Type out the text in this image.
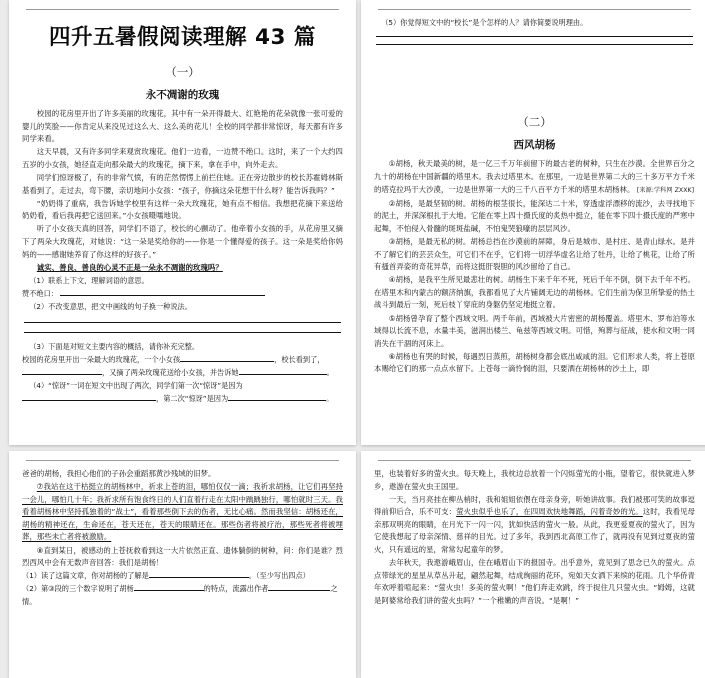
四升五暑假阅读理解 43 篇
（一）
永不凋谢的玫瑰

校园的花房里开出了许多美丽的玫瑰花，其中有一朵开得最大、红艳艳的花朵就像一张可爱的婴儿的笑脸——你肯定从来没见过这么大、这么美的花儿！全校的同学都非常惊讶，每天都有许多同学来看。

这天早晨，又有许多同学来观赏玫瑰花。他们一边看，一边赞不绝口。这时，来了一个大约四五岁的小女孩，她径直走向那朵最大的玫瑰花，摘下来，拿在手中，向外走去。

同学们惊讶极了，有的非常气愤，有的茫然愣愣上前拦住她。正在旁边散步的校长苏霍姆林斯基看到了，走过去，弯下腰，亲切地问小女孩：“孩子，你摘这朵花想干什么呀？能告诉我吗？”

“奶奶得了重病，我告诉她学校里有这样一朵大玫瑰花，她有点不相信。我想把花摘下来送给奶奶看，看后我再把它送回来。”小女孩嗫嚅地说。

听了小女孩天真的回答，同学们不语了，校长的心颤动了。他牵着小女孩的手，从花房里又摘下了两朵大玫瑰花，对她说：“这一朵是奖给你的——你是一个懂得爱的孩子。这一朵是奖给你妈妈的——感谢她养育了你这样的好孩子。”

诚实、善良、善良的心灵不正是一朵永不凋谢的玫瑰吗？

（1）联系上下文，理解词语的意思。

赞不绝口：

（2）不改变意思，把文中画线的句子换一种说法。

（3）下面是对短文主要内容的概括，请你补充完整。

校园的花房里开出一朵最大的玫瑰花，一个小女孩	，校长看到了，

，又摘了两朵玫瑰花送给小女孩，并告诉她	。

（4）“惊讶”一词在短文中出现了两次，同学们第一次“惊讶”是因为

，第二次“惊讶”是因为	。

（5）你觉得短文中的“校长”是个怎样的人？请你简要说明理由。

（二）
西风胡杨

①胡杨，秋天最美的树，是一亿三千万年前留下的最古老的树种，只生在沙漠。全世界百分之九十的胡杨在中国新疆的塔里木。我去过塔里木。在那里，一边是世界第二大的三十多万平方千米的塔克拉玛干大沙漠，一边是世界第一大的三千八百平方千米的塔里木胡杨林。 [来源:学科网 ZXXK]

②胡杨，是最坚韧的树。胡杨的根茎很长，能深达二十米，穿透虚浮漂移的流沙，去寻找地下的泥土，并深深根扎于大地。它能在零上四十摄氏度的炙热中挺立，能在零下四十摄氏度的严寒中起舞，不怕侵入骨髓的斑斑盐碱，不怕鬼哭狼嚎的层层风沙。

③胡杨，是最无私的树。胡杨总挡在沙漠前的屏障，身后是城市、是村庄、是青山绿水。是并不了解它们的芸芸众生，可它们不在乎，它们将一切浮华虚名让给了牡丹，让给了桃花，让给了所有搔首弄姿的奇花异草，而将这挺肝裂胆的风沙留给了自己。

④胡杨，是我平生所见最悲壮的树。胡杨生下来千年不死，死后千年不倒，倒下去千年不朽。在塔里木和内蒙古的额济纳旗，我都看见了大片铺阔无边的胡杨林。它们生前为保卫所挚爱的热土战斗到最后一刻，死后枝丫穿庇的身躯仍坚定地挺立着。

⑤胡杨曾孕育了整个西域文明。两千年前，西域被大片密密的胡杨覆盖。塔里木、罗布泊等水域得以长流不息，水量丰美，滋润出楼兰、龟兹等西域文明。可惜，殉葬与征战，使水和文明一同消失在干涸的河床上。

⑥胡杨也有哭的时候，每遇烈日蒸煎，胡杨树身都会底出咸咸的泪。它们形求人类，将上苍原本赐给它们的那一点点水留下。上苍每一滴怜悯的泪，只要洒在胡杨林的沙土上，即

爸爸的胡杨，我担心他们的子孙会重蹈那黄沙残域的旧梦。

⑦我站在这干枯挺立的胡杨林中，祈求上苍的泪，哪怕仅仅一滴；我祈求胡杨，让它们再坚持一会儿，哪怕几十年；我祈求所有饱食终日的人们直着行走在太阳中踽踽独行，哪怕就时三天。我看着胡杨林中坚持孤独着的“战士”，看着那些倒下去的伤者，无比心痛。然而我坚信：胡杨还在，胡杨的精神还在，生命还在，苍天还在，苍天的眼睛还在。那些伤者将被疗治，那些死者将被埋葬，那些未亡者将被激励。

⑧直到某日，被感动的上苍抚救看到这一大片依然正直、遗体躺倒的树种，问：你们是谁？烈烈西风中会有无数声音回答：我们是胡杨！

（1）读了这篇文章，你对胡杨的了解是	。（至少写出四点）

（2）第③段的三个数字说明了胡杨	的特点，流露出作者	之情。

里，也装着好多的萤火虫。每天晚上，我枕边总放着一个闪烁萤光的小瓶，望着它，很快就进入梦乡，遨游在萤火虫王国里。

一天，当月亮挂在柳丛梢时，我和姐姐依偎在母亲身旁，听她讲故事。我们被那可笑的故事逗得前仰后合，乐不可支：萤火虫似乎也乐了，在四周欢快地舞蹈，闪着奇妙的光。这时，我看见母亲那双明亮的眼睛，在月光下一闪一闪，犹如快活的萤火一般。从此，我更爱夏夜的萤火了，因为它使我想起了母亲深情、慈祥的目光。过了多年，我到西北高原工作了，就再没有见到过夏夜的萤火，只有遥远的星，常常勾起童年的梦。

去年秋天，我遨游峨眉山，住在峨眉山下的报国寺。出乎意外，竟见到了思念已久的萤火。点点带绿光的星星从草丛升起，翩然起舞，结成绚丽的花环，宛如天女洒下来缤的花雨。几个华侨青年欢呼着喧起来：“萤火虫！多美的萤火啊！”他们奔走欢跳，终于捉住几只萤火虫。“姆姆，这就是阿婆常给我们讲的萤火虫吗？”一个稚嫩的声音说。“是啊！”
